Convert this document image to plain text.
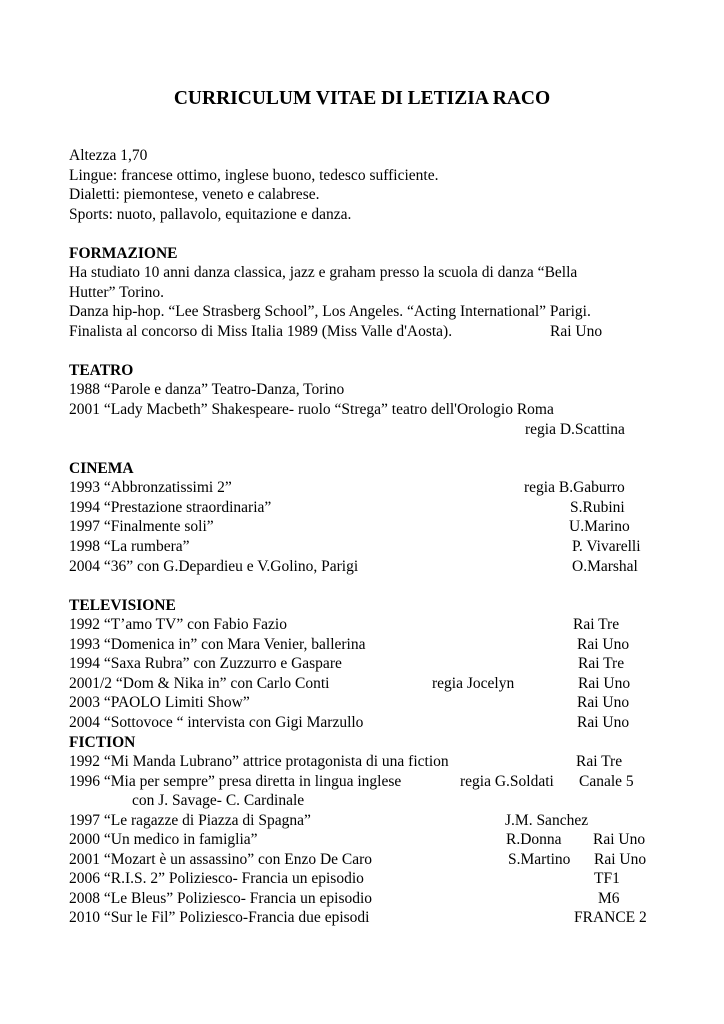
CURRICULUM VITAE DI LETIZIA RACO

Altezza 1,70

Lingue: francese ottimo, inglese buono, tedesco sufficiente.

Dialetti: piemontese, veneto e calabrese.

Sports: nuoto, pallavolo, equitazione e danza.

FORMAZIONE

Ha studiato 10 anni danza classica, jazz e graham presso la scuola di danza “Bella

Hutter” Torino.

Danza hip-hop. “Lee Strasberg School”, Los Angeles. “Acting International” Parigi.

Finalista al concorso di Miss Italia 1989 (Miss Valle d'Aosta).	Rai Uno

TEATRO

1988 “Parole e danza” Teatro-Danza, Torino

2001 “Lady Macbeth” Shakespeare- ruolo “Strega” teatro dell'Orologio Roma

regia D.Scattina

CINEMA

1993 “Abbronzatissimi 2”	regia B.Gaburro

1994 “Prestazione straordinaria”	S.Rubini

1997 “Finalmente soli”	U.Marino

1998 “La rumbera”	P. Vivarelli

2004 “36” con G.Depardieu e V.Golino, Parigi	O.Marshal

TELEVISIONE

1992 “T’amo TV” con Fabio Fazio	Rai Tre

1993 “Domenica in” con Mara Venier, ballerina	Rai Uno

1994 “Saxa Rubra” con Zuzzurro e Gaspare	Rai Tre

2001/2 “Dom & Nika in” con Carlo Conti	regia Jocelyn	Rai Uno

2003 “PAOLO Limiti Show”	Rai Uno

2004 “Sottovoce “ intervista con Gigi Marzullo	Rai Uno

FICTION

1992 “Mi Manda Lubrano” attrice protagonista di una fiction	Rai Tre

1996 “Mia per sempre” presa diretta in lingua inglese	regia G.Soldati Canale 5

con J. Savage- C. Cardinale

1997 “Le ragazze di Piazza di Spagna”	J.M. Sanchez

2000 “Un medico in famiglia”	R.Donna Rai Uno

2001 “Mozart è un assassino” con Enzo De Caro	S.Martino Rai Uno

2006 “R.I.S. 2” Poliziesco- Francia un episodio	TF1

2008 “Le Bleus” Poliziesco- Francia un episodio	M6

2010 “Sur le Fil” Poliziesco-Francia due episodi	FRANCE 2
